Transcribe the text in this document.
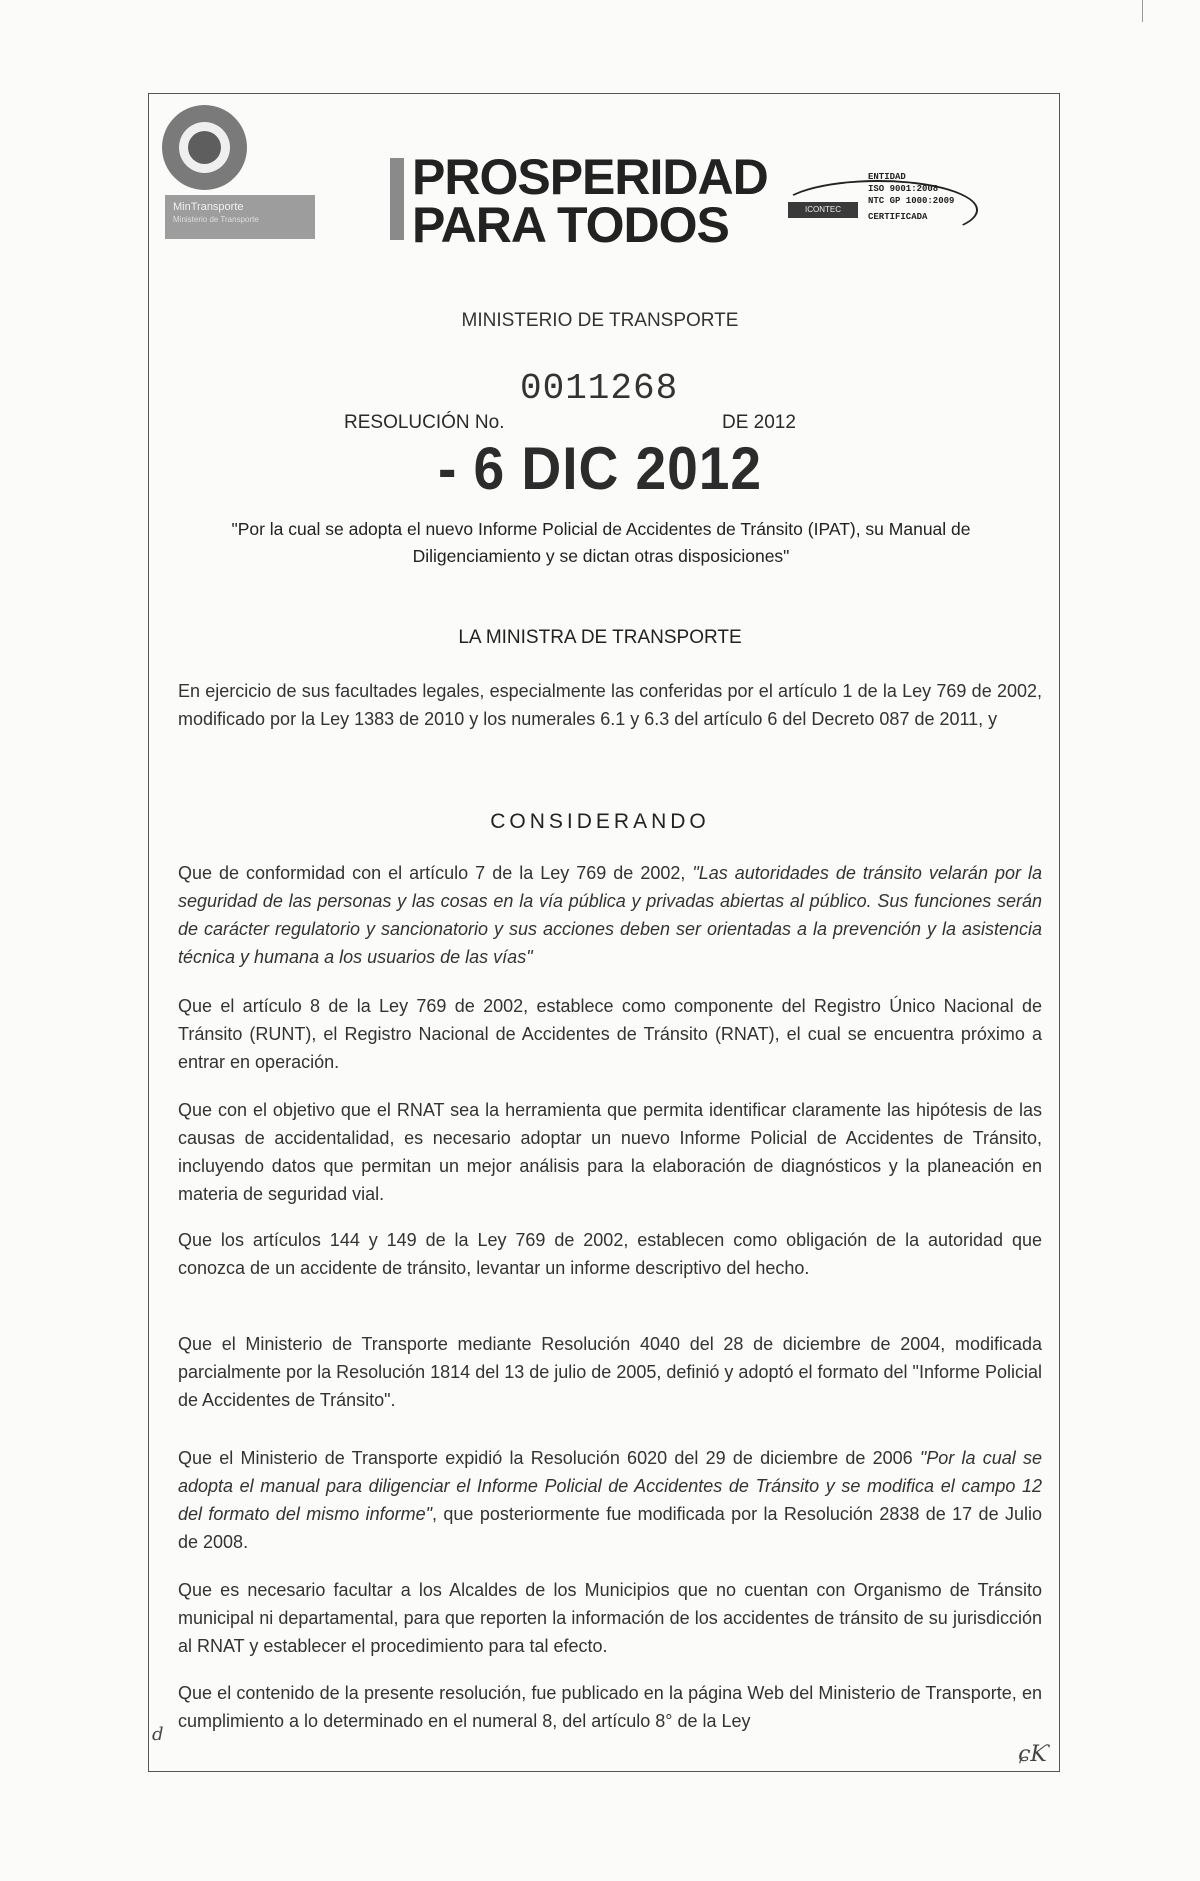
MinTransporte
Ministerio de Transporte
PROSPERIDAD
PARA TODOS	ICONTEC
ENTIDAD
ISO 9001:2008
NTC GP 1000:2009
CERTIFICADA
MINISTERIO DE TRANSPORTE
0011268
RESOLUCIÓN No.	DE 2012
- 6 DIC 2012
"Por la cual se adopta el nuevo Informe Policial de Accidentes de Tránsito (IPAT), su Manual de Diligenciamiento y se dictan otras disposiciones"
LA MINISTRA DE TRANSPORTE
En ejercicio de sus facultades legales, especialmente las conferidas por el artículo 1 de la Ley 769 de 2002, modificado por la Ley 1383 de 2010 y los numerales 6.1 y 6.3 del artículo 6 del Decreto 087 de 2011, y
CONSIDERANDO
Que de conformidad con el artículo 7 de la Ley 769 de 2002, "Las autoridades de tránsito velarán por la seguridad de las personas y las cosas en la vía pública y privadas abiertas al público. Sus funciones serán de carácter regulatorio y sancionatorio y sus acciones deben ser orientadas a la prevención y la asistencia técnica y humana a los usuarios de las vías"
Que el artículo 8 de la Ley 769 de 2002, establece como componente del Registro Único Nacional de Tránsito (RUNT), el Registro Nacional de Accidentes de Tránsito (RNAT), el cual se encuentra próximo a entrar en operación.
Que con el objetivo que el RNAT sea la herramienta que permita identificar claramente las hipótesis de las causas de accidentalidad, es necesario adoptar un nuevo Informe Policial de Accidentes de Tránsito, incluyendo datos que permitan un mejor análisis para la elaboración de diagnósticos y la planeación en materia de seguridad vial.
Que los artículos 144 y 149 de la Ley 769 de 2002, establecen como obligación de la autoridad que conozca de un accidente de tránsito, levantar un informe descriptivo del hecho.
Que el Ministerio de Transporte mediante Resolución 4040 del 28 de diciembre de 2004, modificada parcialmente por la Resolución 1814 del 13 de julio de 2005, definió y adoptó el formato del "Informe Policial de Accidentes de Tránsito".
Que el Ministerio de Transporte expidió la Resolución 6020 del 29 de diciembre de 2006 "Por la cual se adopta el manual para diligenciar el Informe Policial de Accidentes de Tránsito y se modifica el campo 12 del formato del mismo informe", que posteriormente fue modificada por la Resolución 2838 de 17 de Julio de 2008.
Que es necesario facultar a los Alcaldes de los Municipios que no cuentan con Organismo de Tránsito municipal ni departamental, para que reporten la información de los accidentes de tránsito de su jurisdicción al RNAT y establecer el procedimiento para tal efecto.
Que el contenido de la presente resolución, fue publicado en la página Web del Ministerio de Transporte, en cumplimiento a lo determinado en el numeral 8, del artículo 8° de la Ley
d
ɕƘ
